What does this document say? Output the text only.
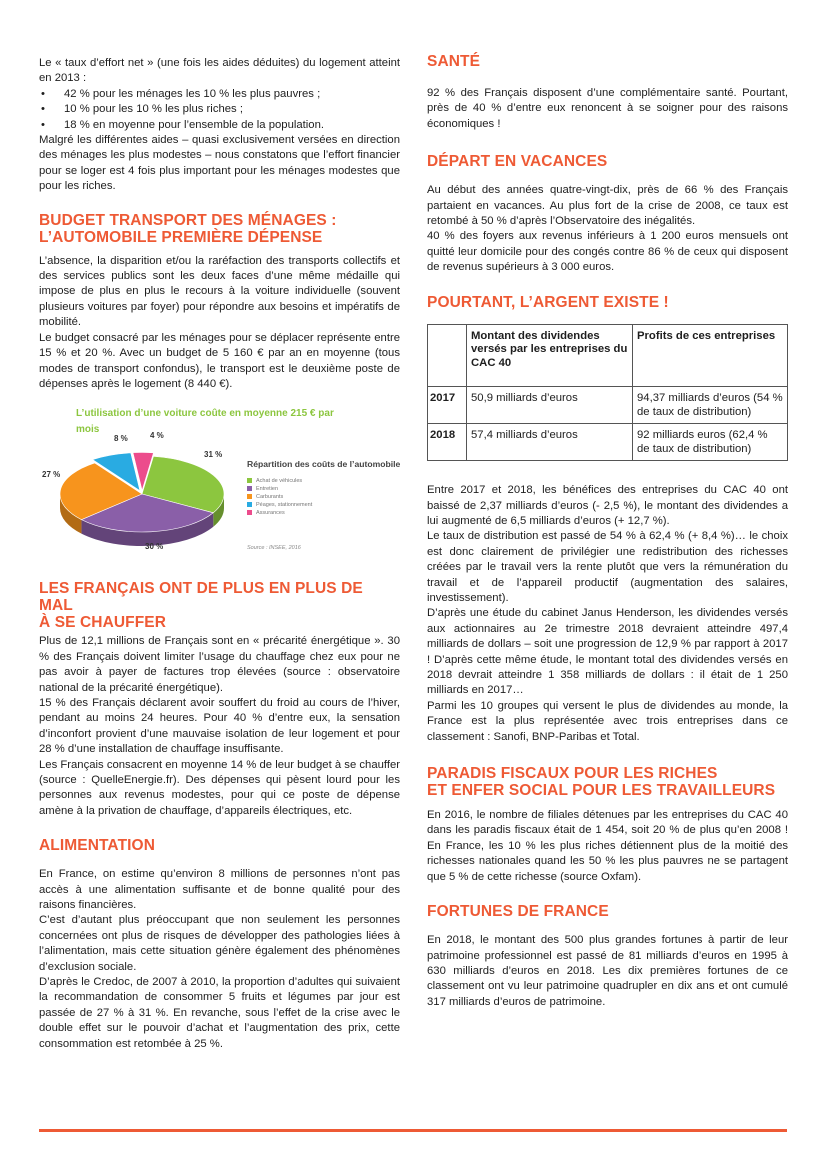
Le « taux d’effort net » (une fois les aides déduites) du logement atteint en 2013 :

• 42 % pour les ménages les 10 % les plus pauvres ;
• 10 % pour les 10 % les plus riches ;
• 18 % en moyenne pour l’ensemble de la population.

Malgré les différentes aides – quasi exclusivement versées en direction des ménages les plus modestes – nous constatons que l’effort financier pour se loger est 4 fois plus important pour les ménages modestes que pour les riches.

BUDGET TRANSPORT DES MÉNAGES :
L’AUTOMOBILE PREMIÈRE DÉPENSE

L’absence, la disparition et/ou la raréfaction des transports collectifs et des services publics sont les deux faces d’une même médaille qui impose de plus en plus le recours à la voiture individuelle (souvent plusieurs voitures par foyer) pour répondre aux besoins et impératifs de mobilité.

Le budget consacré par les ménages pour se déplacer représente entre 15 % et 20 %. Avec un budget de 5 160 € par an en moyenne (tous modes de transport confondus), le transport est le deuxième poste de dépenses après le logement (8 440 €).

L’utilisation d’une voiture coûte en moyenne 215 € par mois
31 %
30 %
27 %
8 %	4 %
Répartition des coûts de l’automobile
Achat de véhicules
Entretien
Carburants
Péages, stationnement
Assurances
Source : INSEE, 2016
LES FRANÇAIS ONT DE PLUS EN PLUS DE MAL
À SE CHAUFFER

Plus de 12,1 millions de Français sont en « précarité énergétique ». 30 % des Français doivent limiter l’usage du chauffage chez eux pour ne pas avoir à payer de factures trop élevées (source : observatoire national de la précarité énergétique).

15 % des Français déclarent avoir souffert du froid au cours de l’hiver, pendant au moins 24 heures. Pour 40 % d’entre eux, la sensation d’inconfort provient d’une mauvaise isolation de leur logement et pour 28 % d’une installation de chauffage insuffisante.

Les Français consacrent en moyenne 14 % de leur budget à se chauffer (source : QuelleEnergie.fr). Des dépenses qui pèsent lourd pour les personnes aux revenus modestes, pour qui ce poste de dépense amène à la privation de chauffage, d’appareils électriques, etc.

ALIMENTATION

En France, on estime qu’environ 8 millions de personnes n’ont pas accès à une alimentation suffisante et de bonne qualité pour des raisons financières.

C’est d’autant plus préoccupant que non seulement les personnes concernées ont plus de risques de développer des pathologies liées à l’alimentation, mais cette situation génère également des phénomènes d’exclusion sociale.

D’après le Credoc, de 2007 à 2010, la proportion d’adultes qui suivaient la recommandation de consommer 5 fruits et légumes par jour est passée de 27 % à 31 %. En revanche, sous l’effet de la crise avec le double effet sur le pouvoir d’achat et l’augmentation des prix, cette consommation est retombée à 25 %.

SANTÉ

92 % des Français disposent d’une complémentaire santé. Pourtant, près de 40 % d’entre eux renoncent à se soigner pour des raisons économiques !

DÉPART EN VACANCES

Au début des années quatre-vingt-dix, près de 66 % des Français partaient en vacances. Au plus fort de la crise de 2008, ce taux est retombé à 50 % d’après l’Observatoire des inégalités.

40 % des foyers aux revenus inférieurs à 1 200 euros mensuels ont quitté leur domicile pour des congés contre 86 % de ceux qui disposent de revenus supérieurs à 3 000 euros.

POURTANT, L’ARGENT EXISTE !
	Montant des dividendes versés par les entreprises du CAC 40	Profits de ces entreprises
2017	50,9 milliards d’euros	94,37 milliards d’euros (54 % de taux de distribution)
2018	57,4 milliards d’euros	92 milliards euros (62,4 % de taux de distribution)

Entre 2017 et 2018, les bénéfices des entreprises du CAC 40 ont baissé de 2,37 milliards d’euros (- 2,5 %), le montant des dividendes a lui augmenté de 6,5 milliards d’euros (+ 12,7 %).

Le taux de distribution est passé de 54 % à 62,4 % (+ 8,4 %)… le choix est donc clairement de privilégier une redistribution des richesses créées par le travail vers la rente plutôt que vers la rémunération du travail et de l’appareil productif (augmentation des salaires, investissement).

D’après une étude du cabinet Janus Henderson, les dividendes versés aux actionnaires au 2e trimestre 2018 devraient atteindre 497,4 milliards de dollars – soit une progression de 12,9 % par rapport à 2017 ! D’après cette même étude, le montant total des dividendes versés en 2018 devrait atteindre 1 358 milliards de dollars : il était de 1 250 milliards en 2017…

Parmi les 10 groupes qui versent le plus de dividendes au monde, la France est la plus représentée avec trois entreprises dans ce classement : Sanofi, BNP-Paribas et Total.

PARADIS FISCAUX POUR LES RICHES
ET ENFER SOCIAL POUR LES TRAVAILLEURS

En 2016, le nombre de filiales détenues par les entreprises du CAC 40 dans les paradis fiscaux était de 1 454, soit 20 % de plus qu’en 2008 ! En France, les 10 % les plus riches détiennent plus de la moitié des richesses nationales quand les 50 % les plus pauvres ne se partagent que 5 % de cette richesse (source Oxfam).

FORTUNES DE FRANCE

En 2018, le montant des 500 plus grandes fortunes à partir de leur patrimoine professionnel est passé de 81 milliards d’euros en 1995 à 630 milliards d’euros en 2018. Les dix premières fortunes de ce classement ont vu leur patrimoine quadrupler en dix ans et ont cumulé 317 milliards d’euros de patrimoine.
